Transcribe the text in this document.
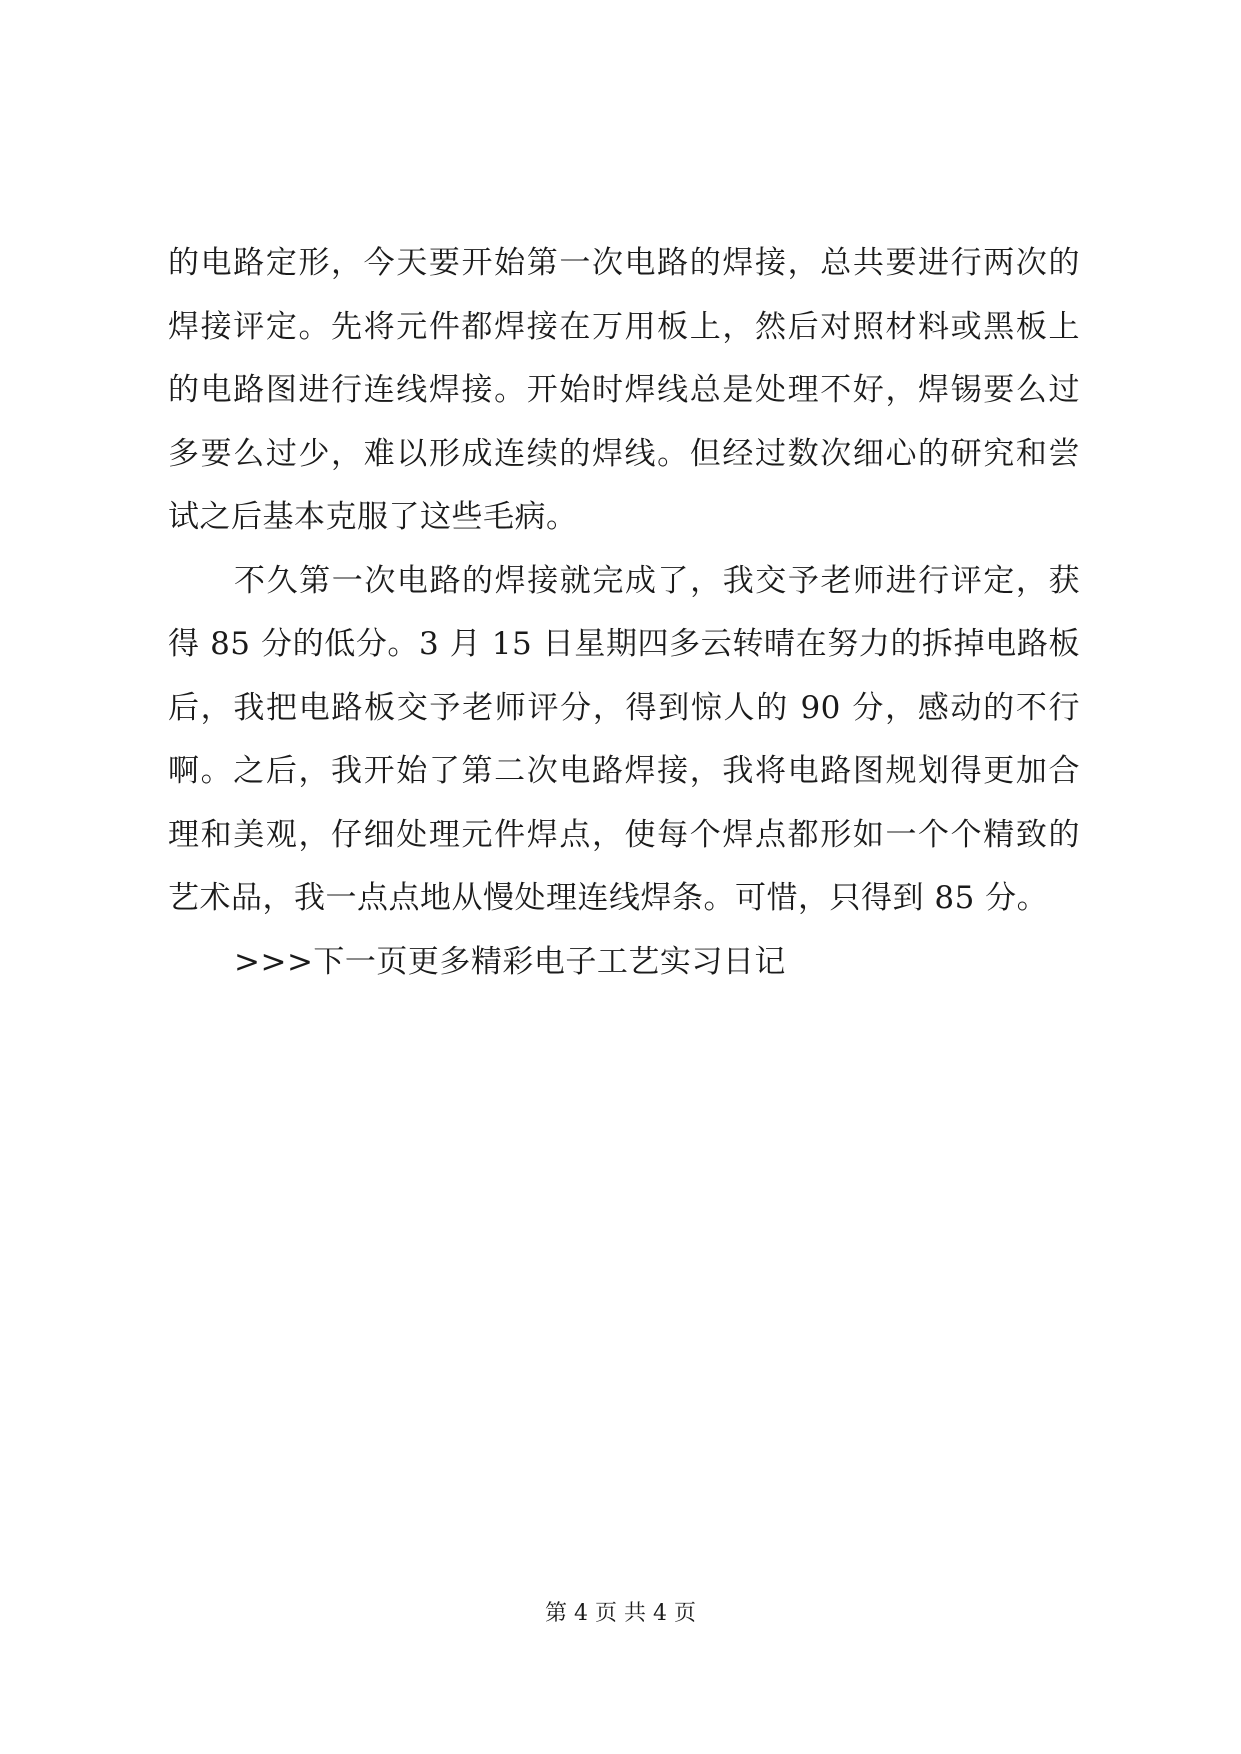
的电路定形，今天要开始第一次电路的焊接，总共要进行两次的
焊接评定。先将元件都焊接在万用板上，然后对照材料或黑板上
的电路图进行连线焊接。开始时焊线总是处理不好，焊锡要么过
多要么过少，难以形成连续的焊线。但经过数次细心的研究和尝
试之后基本克服了这些毛病。
不久第一次电路的焊接就完成了，我交予老师进行评定，获
得 85 分的低分。3 月 15 日星期四多云转晴在努力的拆掉电路板
后，我把电路板交予老师评分，得到惊人的 90 分，感动的不行
啊。之后，我开始了第二次电路焊接，我将电路图规划得更加合
理和美观，仔细处理元件焊点，使每个焊点都形如一个个精致的
艺术品，我一点点地从慢处理连线焊条。可惜，只得到 85 分。
>>>下一页更多精彩电子工艺实习日记
第 4 页 共 4 页
